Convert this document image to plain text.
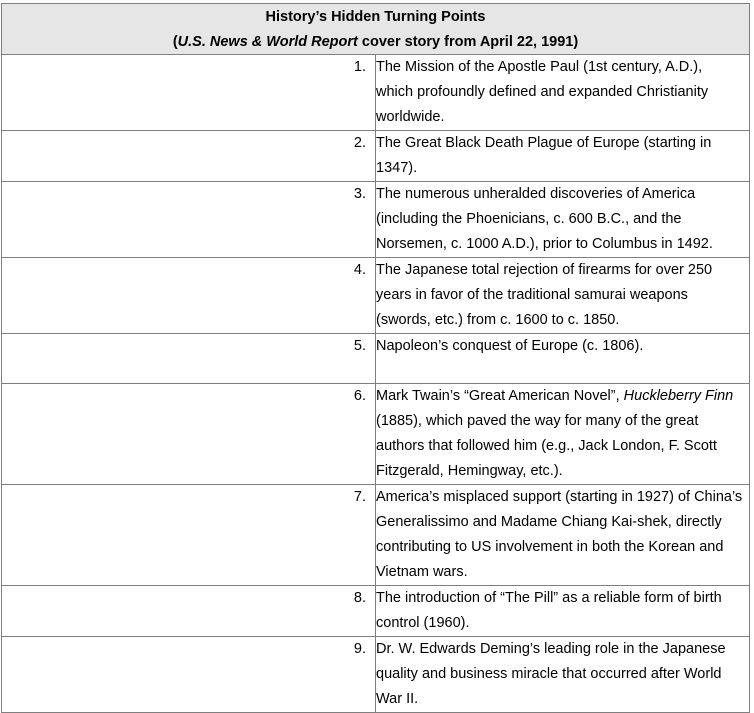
History’s Hidden Turning Points
(U.S. News & World Report cover story from April 22, 1991)	

1.	The Mission of the Apostle Paul (1st century, A.D.), which profoundly defined and expanded Christianity worldwide.
2.	The Great Black Death Plague of Europe (starting in 1347).
3.	The numerous unheralded discoveries of America (including the Phoenicians, c. 600 B.C., and the Norsemen, c. 1000 A.D.), prior to Columbus in 1492.
4.	The Japanese total rejection of firearms for over 250 years in favor of the traditional samurai weapons (swords, etc.) from c. 1600 to c. 1850.
5.	Napoleon’s conquest of Europe (c. 1806).
6.	Mark Twain’s “Great American Novel”, Huckleberry Finn (1885), which paved the way for many of the great authors that followed him (e.g., Jack London, F. Scott Fitzgerald, Hemingway, etc.).
7.	America’s misplaced support (starting in 1927) of China’s Generalissimo and Madame Chiang Kai-shek, directly contributing to US involvement in both the Korean and Vietnam wars.
8.	The introduction of “The Pill” as a reliable form of birth control (1960).
9.	Dr. W. Edwards Deming’s leading role in the Japanese quality and business miracle that occurred after World War II.
